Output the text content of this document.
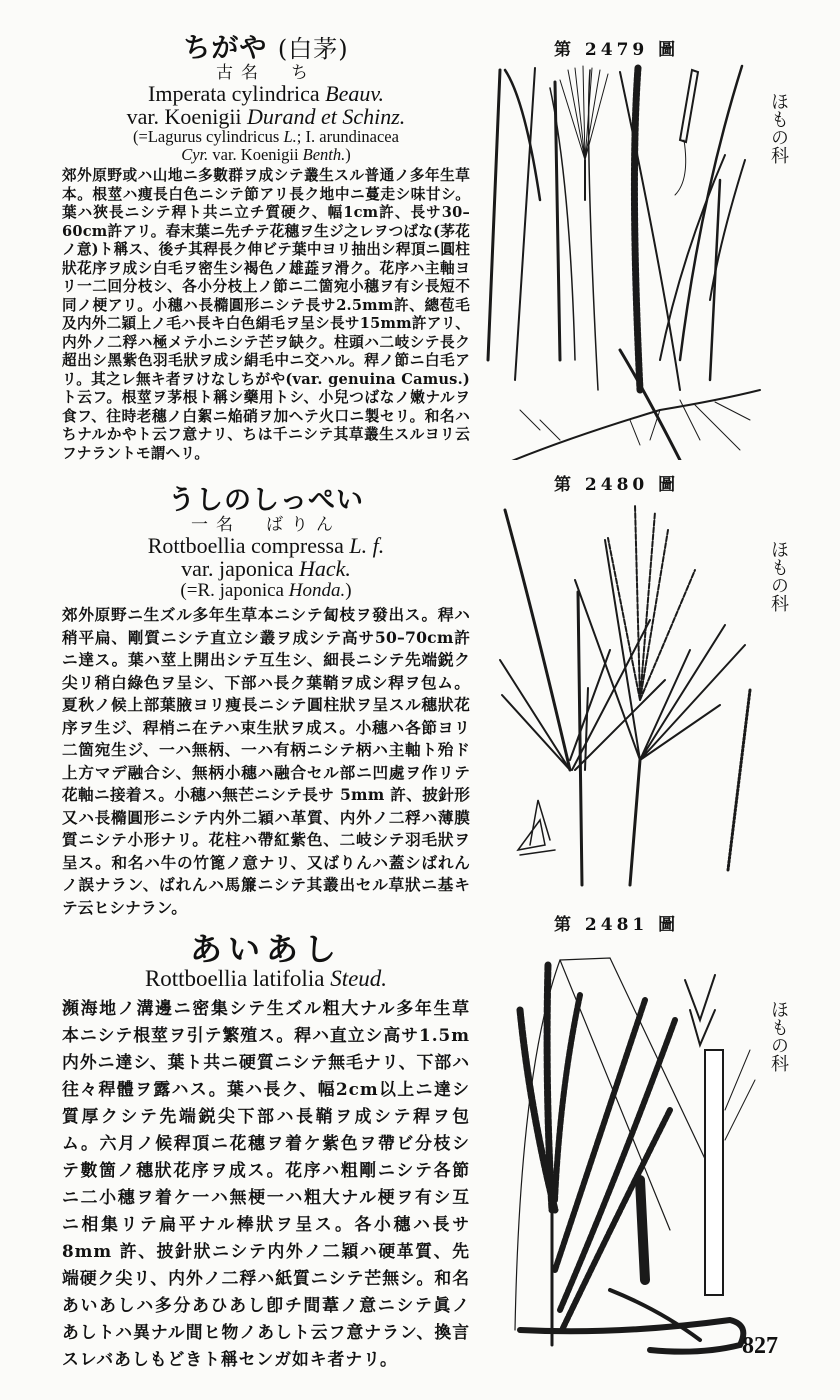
ちがや (白茅)
古名　ち
Imperata cylindrica Beauv.
var. Koenigii Durand et Schinz.
(=Lagurus cylindricus L.; I. arundinacea
Cyr. var. Koenigii Benth.)
郊外原野或ハ山地ニ多數群ヲ成シテ叢生スル普通ノ多年生草本。根莖ハ痩長白色ニシテ節アリ長ク地中ニ蔓走シ味甘シ。葉ハ狹長ニシテ稈ト共ニ立チ質硬ク、幅1cm許、長サ30–60cm許アリ。春末葉ニ先チテ花穗ヲ生ジ之レヲつばな(茅花ノ意)ト稱ス、後チ其稈長ク伸ビテ葉中ヨリ抽出シ稈頂ニ圓柱狀花序ヲ成シ白毛ヲ密生シ褐色ノ雄蕋ヲ滑ク。花序ハ主軸ヨリ一二回分枝シ、各小分枝上ノ節ニ二箇宛小穗ヲ有シ長短不同ノ梗アリ。小穗ハ長橢圓形ニシテ長サ2.5mm許、總苞毛及内外二穎上ノ毛ハ長キ白色絹毛ヲ呈シ長サ15mm許アリ、内外ノ二稃ハ極メテ小ニシテ芒ヲ缺ク。柱頭ハ二岐シテ長ク超出シ黑紫色羽毛狀ヲ成シ絹毛中ニ交ハル。稈ノ節ニ白毛アリ。其之レ無キ者ヲけなしちがや(var. genuina Camus.)ト云フ。根莖ヲ茅根ト稱シ藥用トシ、小兒つばなノ嫩ナルヲ食フ、往時老穗ノ白絮ニ焔硝ヲ加ヘテ火口ニ製セリ。和名ハちナルかやト云フ意ナリ、ちは千ニシテ其草叢生スルヨリ云フナラントモ謂ヘリ。
うしのしっぺい
一名　ばりん
Rottboellia compressa L. f.
var. japonica Hack.
(=R. japonica Honda.)
郊外原野ニ生ズル多年生草本ニシテ匐枝ヲ發出ス。稈ハ稍平扁、剛質ニシテ直立シ叢ヲ成シテ高サ50–70cm許ニ達ス。葉ハ莖上開出シテ互生シ、細長ニシテ先端鋭ク尖リ稍白綠色ヲ呈シ、下部ハ長ク葉鞘ヲ成シ稈ヲ包ム。夏秋ノ候上部葉腋ヨリ痩長ニシテ圓柱狀ヲ呈スル穗狀花序ヲ生ジ、稈梢ニ在テハ束生狀ヲ成ス。小穗ハ各節ヨリ二箇宛生ジ、一ハ無柄、一ハ有柄ニシテ柄ハ主軸ト殆ド上方マデ融合シ、無柄小穗ハ融合セル部ニ凹處ヲ作リテ花軸ニ接着ス。小穗ハ無芒ニシテ長サ 5mm 許、披針形又ハ長橢圓形ニシテ内外二穎ハ革質、内外ノ二稃ハ薄膜質ニシテ小形ナリ。花柱ハ帶紅紫色、二岐シテ羽毛狀ヲ呈ス。和名ハ牛の竹篦ノ意ナリ、又ばりんハ蓋シばれんノ誤ナラン、ばれんハ馬簾ニシテ其叢出セル草狀ニ基キテ云ヒシナラン。
あいあし
Rottboellia latifolia Steud.
瀕海地ノ溝邊ニ密集シテ生ズル粗大ナル多年生草本ニシテ根莖ヲ引テ繁殖ス。稈ハ直立シ高サ1.5m内外ニ達シ、葉ト共ニ硬質ニシテ無毛ナリ、下部ハ往々稈體ヲ露ハス。葉ハ長ク、幅2cm以上ニ達シ質厚クシテ先端鋭尖下部ハ長鞘ヲ成シテ稈ヲ包ム。六月ノ候稈頂ニ花穗ヲ着ケ紫色ヲ帶ビ分枝シテ數箇ノ穗狀花序ヲ成ス。花序ハ粗剛ニシテ各節ニ二小穗ヲ着ケ一ハ無梗一ハ粗大ナル梗ヲ有シ互ニ相集リテ扁平ナル棒狀ヲ呈ス。各小穗ハ長サ 8mm 許、披針狀ニシテ内外ノ二穎ハ硬革質、先端硬ク尖リ、内外ノ二稃ハ紙質ニシテ芒無シ。和名あいあしハ多分あひあし卽チ間葦ノ意ニシテ眞ノあしトハ異ナル間ヒ物ノあしト云フ意ナラン、換言スレバあしもどきト稱センガ如キ者ナリ。
第 2479 圖
第 2480 圖
第 2481 圖
ほもの科
ほもの科
ほもの科
827
